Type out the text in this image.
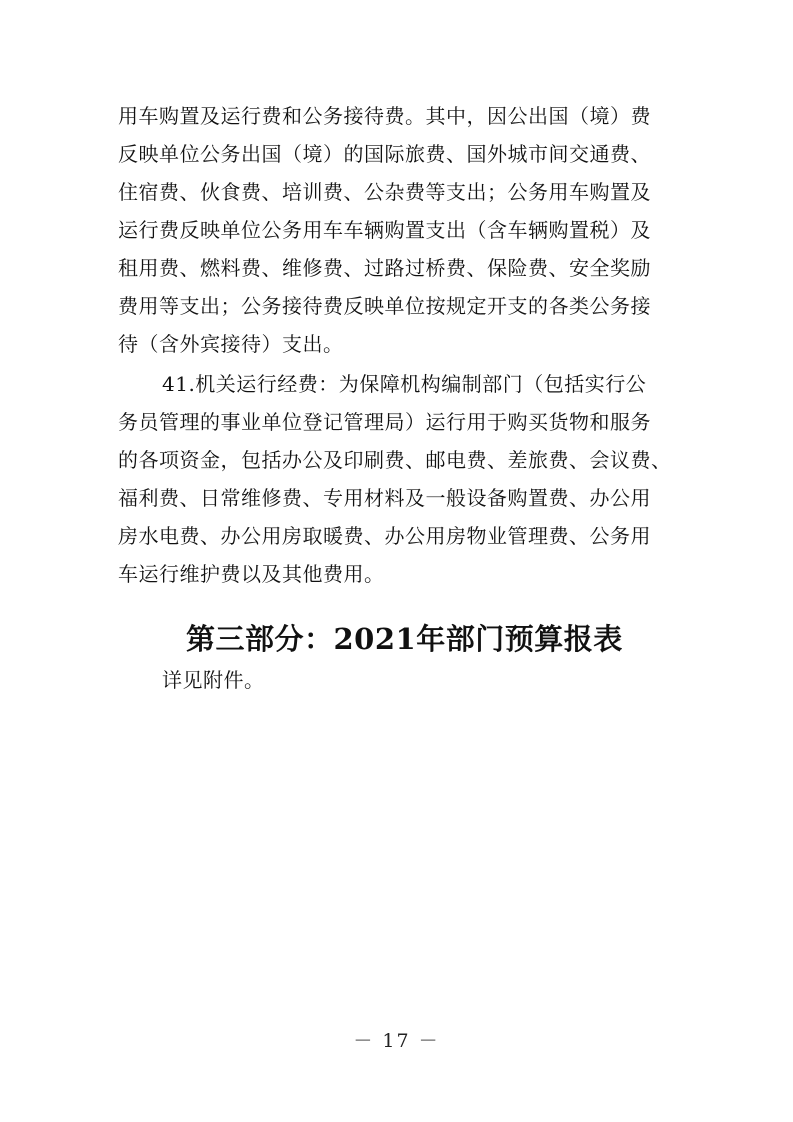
用车购置及运行费和公务接待费。其中，因公出国（境）费
反映单位公务出国（境）的国际旅费、国外城市间交通费、
住宿费、伙食费、培训费、公杂费等支出；公务用车购置及
运行费反映单位公务用车车辆购置支出（含车辆购置税）及
租用费、燃料费、维修费、过路过桥费、保险费、安全奖励
费用等支出；公务接待费反映单位按规定开支的各类公务接
待（含外宾接待）支出。
41.机关运行经费：为保障机构编制部门（包括实行公
务员管理的事业单位登记管理局）运行用于购买货物和服务
的各项资金，包括办公及印刷费、邮电费、差旅费、会议费、
福利费、日常维修费、专用材料及一般设备购置费、办公用
房水电费、办公用房取暖费、办公用房物业管理费、公务用
车运行维护费以及其他费用。
第三部分：2021年部门预算报表
详见附件。
－ 17 －
